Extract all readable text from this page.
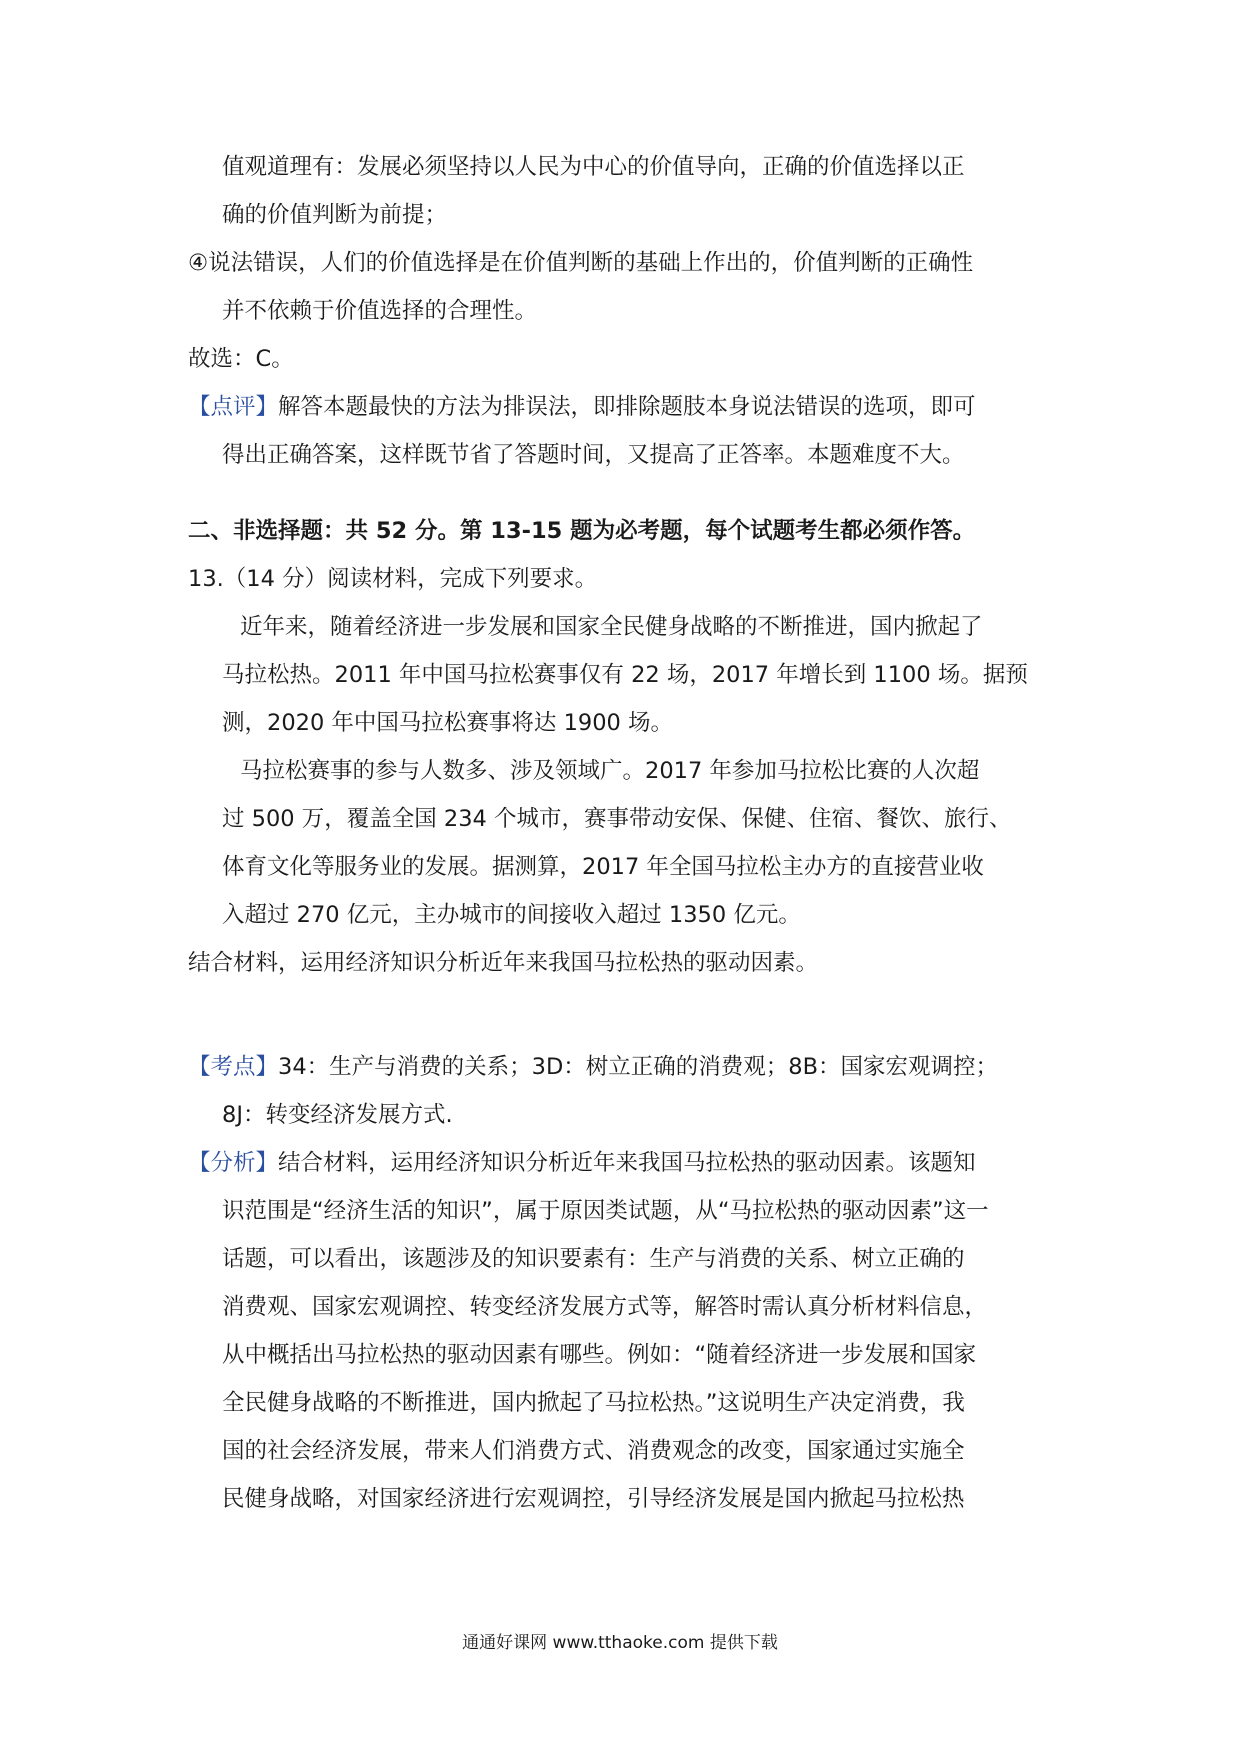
值观道理有：发展必须坚持以人民为中心的价值导向，正确的价值选择以正
确的价值判断为前提；
④说法错误，人们的价值选择是在价值判断的基础上作出的，价值判断的正确性
并不依赖于价值选择的合理性。
故选：C。
【点评】解答本题最快的方法为排误法，即排除题肢本身说法错误的选项，即可
得出正确答案，这样既节省了答题时间，又提高了正答率。本题难度不大。
二、非选择题：共 52 分。第 13-15 题为必考题，每个试题考生都必须作答。
13.（14 分）阅读材料，完成下列要求。
近年来，随着经济进一步发展和国家全民健身战略的不断推进，国内掀起了
马拉松热。2011 年中国马拉松赛事仅有 22 场，2017 年增长到 1100 场。据预
测，2020 年中国马拉松赛事将达 1900 场。
马拉松赛事的参与人数多、涉及领域广。2017 年参加马拉松比赛的人次超
过 500 万，覆盖全国 234 个城市，赛事带动安保、保健、住宿、餐饮、旅行、
体育文化等服务业的发展。据测算，2017 年全国马拉松主办方的直接营业收
入超过 270 亿元，主办城市的间接收入超过 1350 亿元。
结合材料，运用经济知识分析近年来我国马拉松热的驱动因素。
【考点】34：生产与消费的关系；3D：树立正确的消费观；8B：国家宏观调控；
8J：转变经济发展方式.
【分析】结合材料，运用经济知识分析近年来我国马拉松热的驱动因素。该题知
识范围是“经济生活的知识”，属于原因类试题，从“马拉松热的驱动因素”这一
话题，可以看出，该题涉及的知识要素有：生产与消费的关系、树立正确的
消费观、国家宏观调控、转变经济发展方式等，解答时需认真分析材料信息，
从中概括出马拉松热的驱动因素有哪些。例如：“随着经济进一步发展和国家
全民健身战略的不断推进，国内掀起了马拉松热。”这说明生产决定消费，我
国的社会经济发展，带来人们消费方式、消费观念的改变，国家通过实施全
民健身战略，对国家经济进行宏观调控，引导经济发展是国内掀起马拉松热
通通好课网 www.tthaoke.com 提供下载
